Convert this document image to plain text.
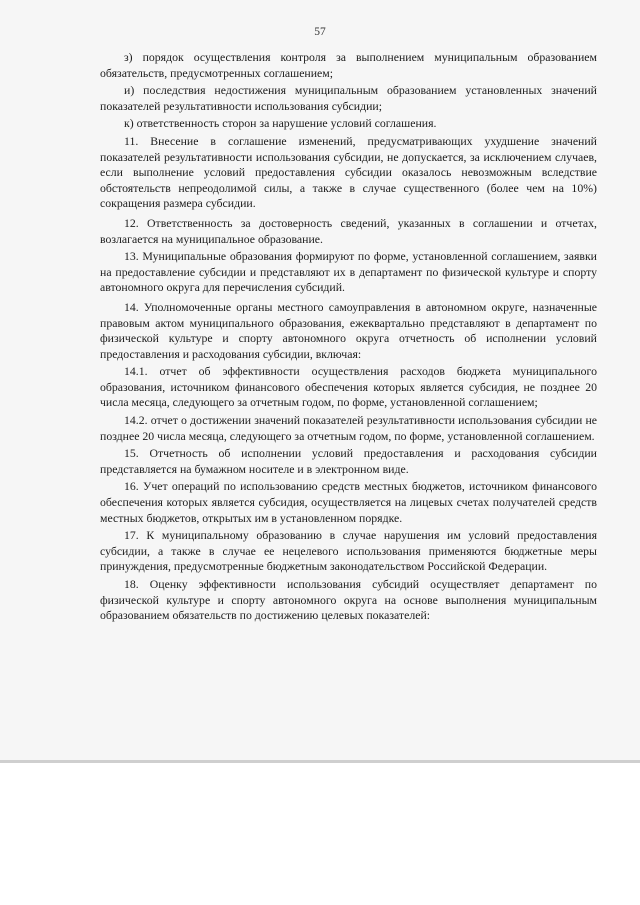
57

з) порядок осуществления контроля за выполнением муниципальным образованием обязательств, предусмотренных соглашением;

и) последствия недостижения муниципальным образованием установленных значений показателей результативности использования субсидии;

к) ответственность сторон за нарушение условий соглашения.

11. Внесение в соглашение изменений, предусматривающих ухудшение значений показателей результативности использования субсидии, не допускается, за исключением случаев, если выполнение условий предоставления субсидии оказалось невозможным вследствие обстоятельств непреодолимой силы, а также в случае существенного (более чем на 10%) сокращения размера субсидии.

12. Ответственность за достоверность сведений, указанных в соглашении и отчетах, возлагается на муниципальное образование.

13. Муниципальные образования формируют по форме, установленной соглашением, заявки на предоставление субсидии и представляют их в департамент по физической культуре и спорту автономного округа для перечисления субсидий.

14. Уполномоченные органы местного самоуправления в автономном округе, назначенные правовым актом муниципального образования, ежеквартально представляют в департамент по физической культуре и спорту автономного округа отчетность об исполнении условий предоставления и расходования субсидии, включая:

14.1. отчет об эффективности осуществления расходов бюджета муниципального образования, источником финансового обеспечения которых является субсидия, не позднее 20 числа месяца, следующего за отчетным годом, по форме, установленной соглашением;

14.2. отчет о достижении значений показателей результативности использования субсидии не позднее 20 числа месяца, следующего за отчетным годом, по форме, установленной соглашением.

15. Отчетность об исполнении условий предоставления и расходования субсидии представляется на бумажном носителе и в электронном виде.

16. Учет операций по использованию средств местных бюджетов, источником финансового обеспечения которых является субсидия, осуществляется на лицевых счетах получателей средств местных бюджетов, открытых им в установленном порядке.

17. К муниципальному образованию в случае нарушения им условий предоставления субсидии, а также в случае ее нецелевого использования применяются бюджетные меры принуждения, предусмотренные бюджетным законодательством Российской Федерации.

18. Оценку эффективности использования субсидий осуществляет департамент по физической культуре и спорту автономного округа на основе выполнения муниципальным образованием обязательств по достижению целевых показателей:
